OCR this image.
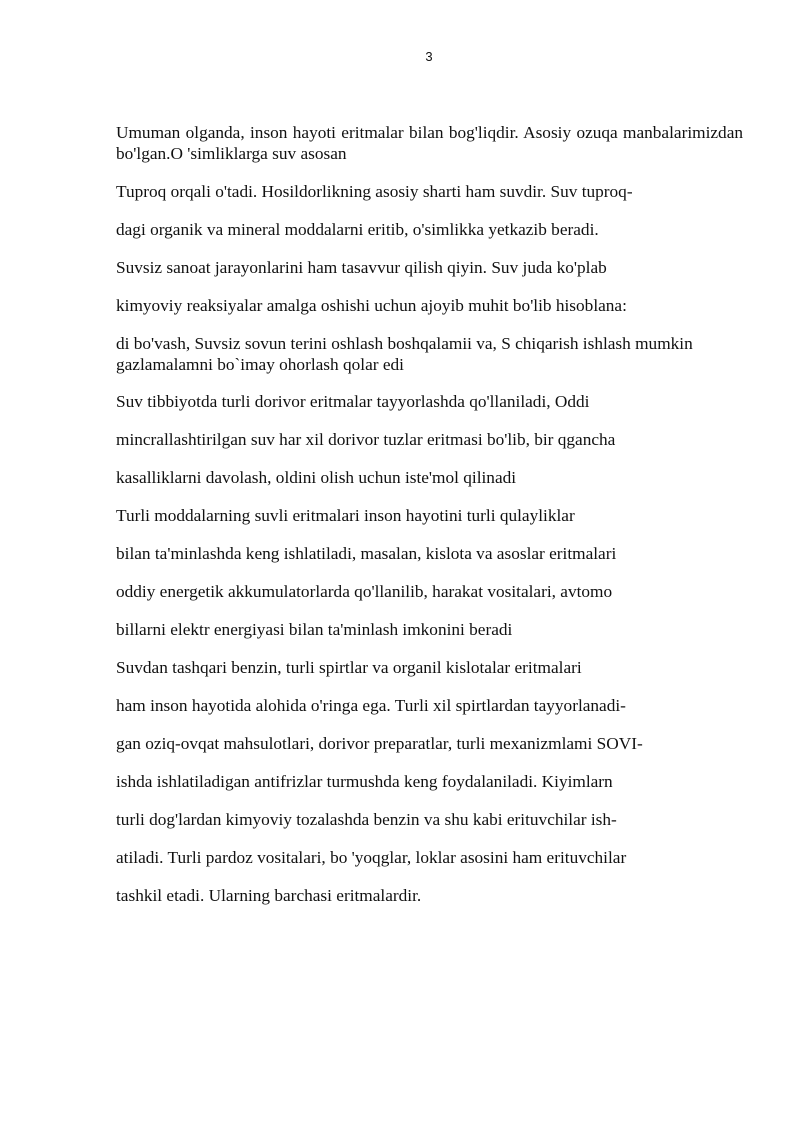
3

Umuman olganda, inson hayoti eritmalar bilan bog'liqdir. Asosiy ozuqa manbalarimizdan bo'lgan.O 'simliklarga suv asosan

Tuproq orqali o'tadi. Hosildorlikning asosiy sharti ham suvdir. Suv tuproq-

dagi organik va mineral moddalarni eritib, o'simlikka yetkazib beradi.

Suvsiz sanoat jarayonlarini ham tasavvur qilish qiyin. Suv juda ko'plab

kimyoviy reaksiyalar amalga oshishi uchun ajoyib muhit bo'lib hisoblana:

di bo'vash, Suvsiz sovun terini oshlash boshqalamii va, S chiqarish ishlash mumkin gazlamalamni bo`imay ohorlash qolar edi

Suv tibbiyotda turli dorivor eritmalar tayyorlashda qo'llaniladi, Oddi

mincrallashtirilgan suv har xil dorivor tuzlar eritmasi bo'lib, bir qgancha

kasalliklarni davolash, oldini olish uchun iste'mol qilinadi

Turli moddalarning suvli eritmalari inson hayotini turli qulayliklar

bilan ta'minlashda keng ishlatiladi, masalan, kislota va asoslar eritmalari

oddiy energetik akkumulatorlarda qo'llanilib, harakat vositalari, avtomo

billarni elektr energiyasi bilan ta'minlash imkonini beradi

Suvdan tashqari benzin, turli spirtlar va organil kislotalar eritmalari

ham inson hayotida alohida o'ringa ega. Turli xil spirtlardan tayyorlanadi-

gan oziq-ovqat mahsulotlari, dorivor preparatlar, turli mexanizmlami SOVI-

ishda ishlatiladigan antifrizlar turmushda keng foydalaniladi. Kiyimlarn

turli dog'lardan kimyoviy tozalashda benzin va shu kabi erituvchilar ish-

atiladi. Turli pardoz vositalari, bo 'yoqglar, loklar asosini ham erituvchilar

tashkil etadi. Ularning barchasi eritmalardir.
